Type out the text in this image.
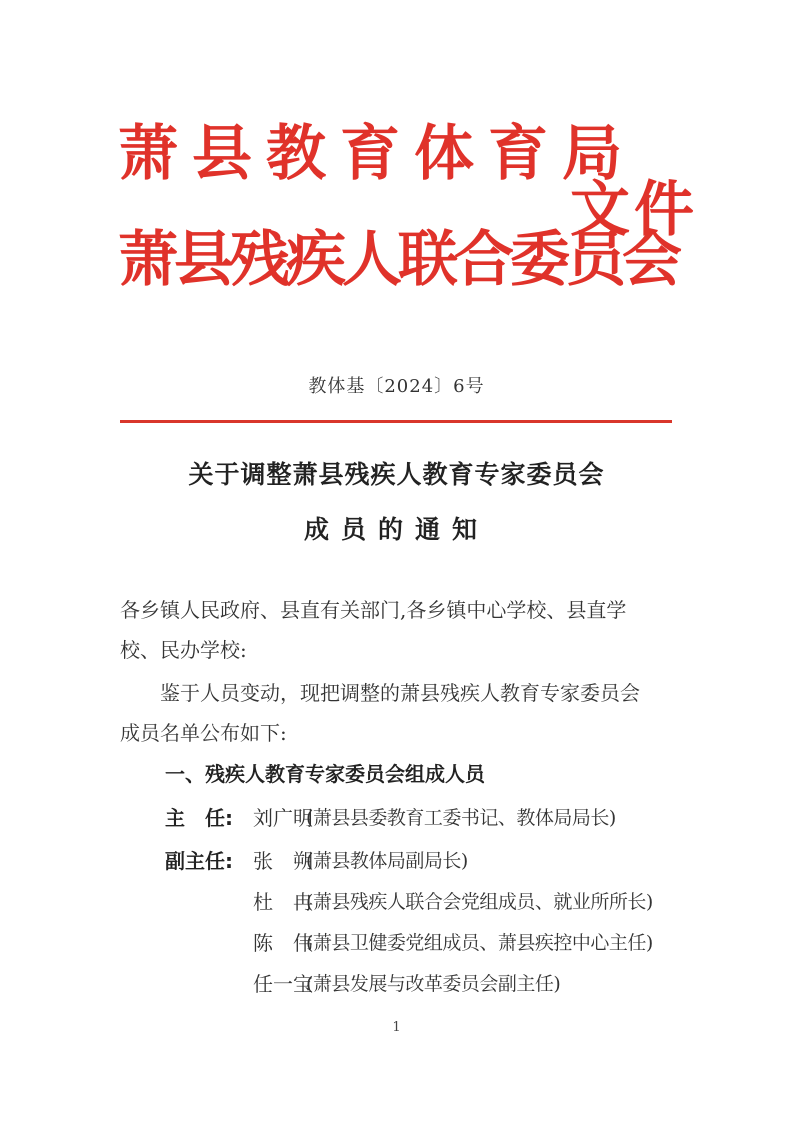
萧县教育体育局
萧县残疾人联合委员会
文件
教体基〔2024〕6号
关于调整萧县残疾人教育专家委员会
成员的通知
各乡镇人民政府、县直有关部门,各乡镇中心学校、县直学
校、民办学校:
　　鉴于人员变动，现把调整的萧县残疾人教育专家委员会
成员名单公布如下:
一、残疾人教育专家委员会组成人员
主　任: 刘广明
(萧县县委教育工委书记、教体局局长)
副主任: 张　朔
(萧县教体局副局长)
杜　冉
(萧县残疾人联合会党组成员、就业所所长)
陈　伟
(萧县卫健委党组成员、萧县疾控中心主任)
任一宝
(萧县发展与改革委员会副主任)
1
